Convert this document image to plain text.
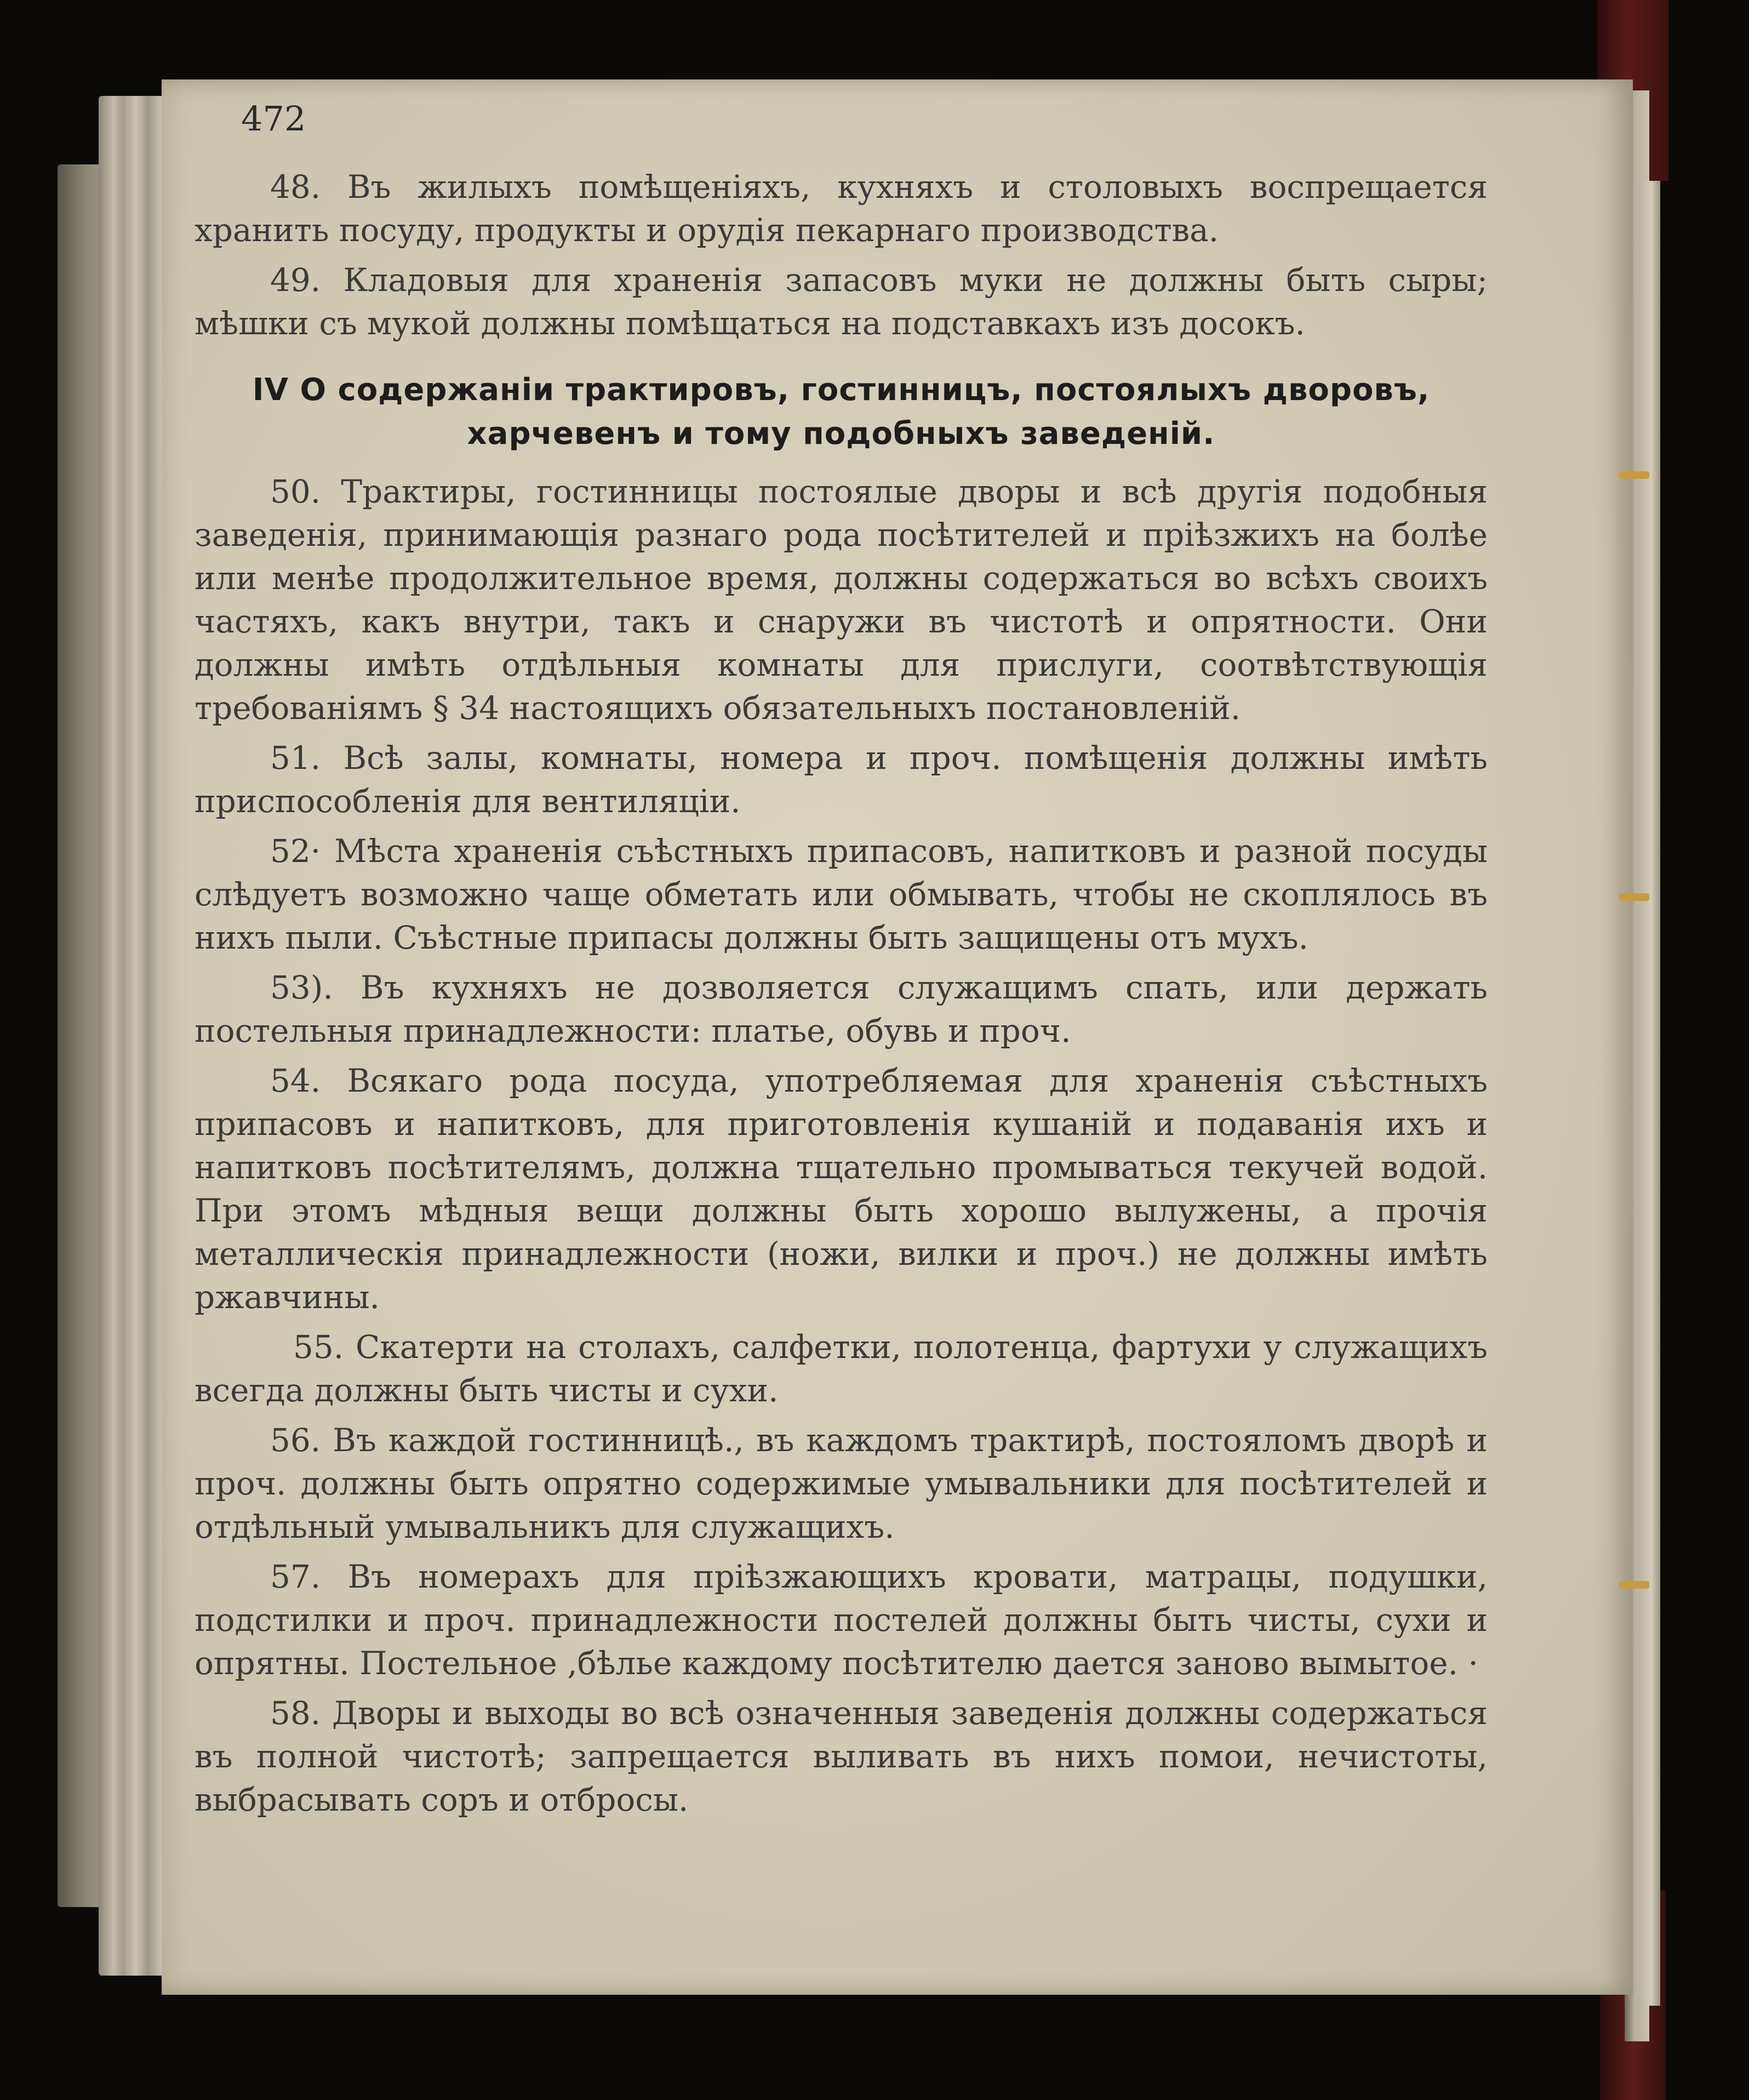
472

48. Въ жилыхъ помѣщеніяхъ, кухняхъ и столовыхъ воспрещается хранить посуду, продукты и орудія пекарнаго производства.

49. Кладовыя для храненія запасовъ муки не должны быть сыры; мѣшки съ мукой должны помѣщаться на подставкахъ изъ досокъ.

IV О содержаніи трактировъ, гостинницъ, постоялыхъ дворовъ, харчевенъ и тому подобныхъ заведеній.

50. Трактиры, гостинницы постоялые дворы и всѣ другія подобныя заведенія, принимающія разнаго рода посѣтителей и пріѣзжихъ на болѣе или менѣе продолжительное время, должны содержаться во всѣхъ своихъ частяхъ, какъ внутри, такъ и снаружи въ чистотѣ и опрятности. Они должны имѣть отдѣльныя комнаты для прислуги, соотвѣтствующія требованіямъ § 34 настоящихъ обязательныхъ постановленій.

51. Всѣ залы, комнаты, номера и проч. помѣщенія должны имѣть приспособленія для вентиляціи.

52· Мѣста храненія съѣстныхъ припасовъ, напитковъ и разной посуды слѣдуетъ возможно чаще обметать или обмывать, чтобы не скоплялось въ нихъ пыли. Съѣстные припасы должны быть защищены отъ мухъ.

53). Въ кухняхъ не дозволяется служащимъ спать, или держать постельныя принадлежности: платье, обувь и проч.

54. Всякаго рода посуда, употребляемая для храненія съѣстныхъ припасовъ и напитковъ, для приготовленія кушаній и подаванія ихъ и напитковъ посѣтителямъ, должна тщательно промываться текучей водой. При этомъ мѣдныя вещи должны быть хорошо вылужены, а прочія металлическія принадлежности (ножи, вилки и проч.) не должны имѣть ржавчины.

55. Скатерти на столахъ, салфетки, полотенца, фартухи у служащихъ всегда должны быть чисты и сухи.

56. Въ каждой гостинницѣ., въ каждомъ трактирѣ, постояломъ дворѣ и проч. должны быть опрятно содержимые умывальники для посѣтителей и отдѣльный умывальникъ для служащихъ.

57. Въ номерахъ для пріѣзжающихъ кровати, матрацы, подушки, подстилки и проч. принадлежности постелей должны быть чисты, сухи и опрятны. Постельное ,бѣлье каждому посѣтителю дается заново вымытое. ·

58. Дворы и выходы во всѣ означенныя заведенія должны содержаться въ полной чистотѣ; запрещается выливать въ нихъ помои, нечистоты, выбрасывать соръ и отбросы.
